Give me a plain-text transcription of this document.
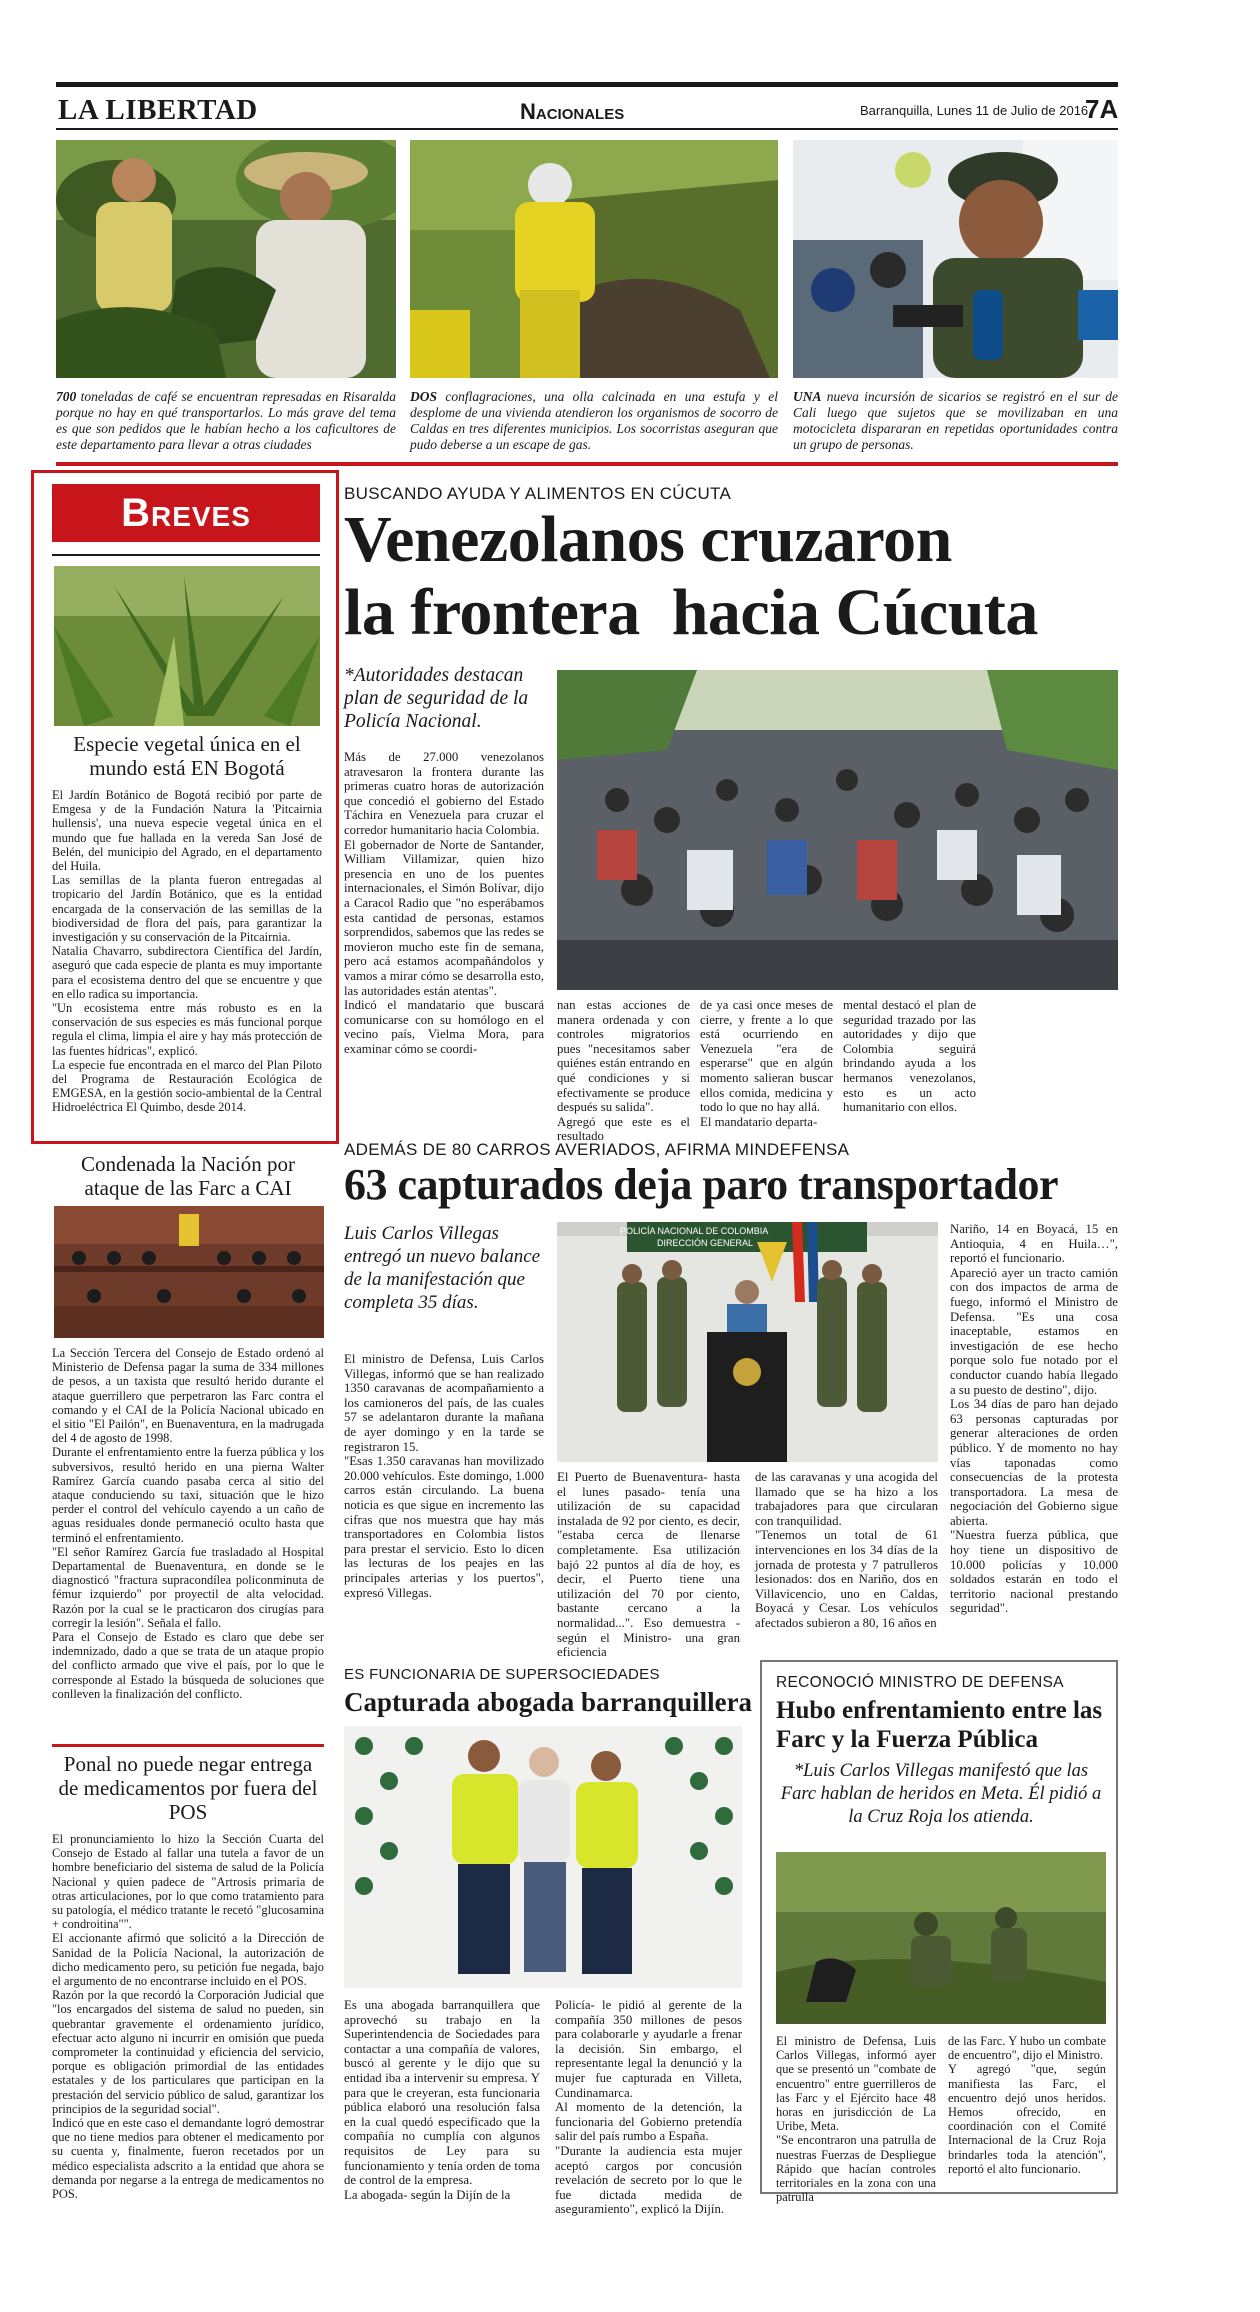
LA LIBERTAD	Nacionales	Barranquilla, Lunes 11 de Julio de 2016
7A
700 toneladas de café se encuentran represadas en Risaralda porque no hay en qué transportarlos. Lo más grave del tema es que son pedidos que le habían hecho a los caficultores de este departamento para llevar a otras ciudades
DOS conflagraciones, una olla calcinada en una estufa y el desplome de una vivienda atendieron los organismos de socorro de Caldas en tres diferentes municipios. Los socorristas aseguran que pudo deberse a un escape de gas.
UNA nueva incursión de sicarios se registró en el sur de Cali luego que sujetos que se movilizaban en una motocicleta dispararan en repetidas oportunidades contra un grupo de personas.
Breves
Especie vegetal única en el mundo está EN Bogotá
El Jardín Botánico de Bogotá recibió por parte de Emgesa y de la Fundación Natura la 'Pitcairnia hullensis', una nueva especie vegetal única en el mundo que fue hallada en la vereda San José de Belén, del municipio del Agrado, en el departamento del Huila.
Las semillas de la planta fueron entregadas al tropicario del Jardín Botánico, que es la entidad encargada de la conservación de las semillas de la biodiversidad de flora del país, para garantizar la investigación y su conservación de la Pitcairnia.
Natalia Chavarro, subdirectora Científica del Jardín, aseguró que cada especie de planta es muy importante para el ecosistema dentro del que se encuentre y que en ello radica su importancia.
"Un ecosistema entre más robusto es en la conservación de sus especies es más funcional porque regula el clima, limpia el aire y hay más protección de las fuentes hídricas", explicó.
La especie fue encontrada en el marco del Plan Piloto del Programa de Restauración Ecológica de EMGESA, en la gestión socio-ambiental de la Central Hidroeléctrica El Quimbo, desde 2014.
Condenada la Nación por ataque de las Farc a CAI
La Sección Tercera del Consejo de Estado ordenó al Ministerio de Defensa pagar la suma de 334 millones de pesos, a un taxista que resultó herido durante el ataque guerrillero que perpetraron las Farc contra el comando y el CAI de la Policía Nacional ubicado en el sitio "El Pailón", en Buenaventura, en la madrugada del 4 de agosto de 1998.
Durante el enfrentamiento entre la fuerza pública y los subversivos, resultó herido en una pierna Walter Ramírez García cuando pasaba cerca al sitio del ataque conduciendo su taxi, situación que le hizo perder el control del vehículo cayendo a un caño de aguas residuales donde permaneció oculto hasta que terminó el enfrentamiento.
"El señor Ramírez García fue trasladado al Hospital Departamental de Buenaventura, en donde se le diagnosticó "fractura supracondílea policonminuta de fémur izquierdo" por proyectil de alta velocidad. Razón por la cual se le practicaron dos cirugías para corregir la lesión". Señala el fallo.
Para el Consejo de Estado es claro que debe ser indemnizado, dado a que se trata de un ataque propio del conflicto armado que vive el país, por lo que le corresponde al Estado la búsqueda de soluciones que conlleven la finalización del conflicto.
Ponal no puede negar entrega de medicamentos por fuera del POS
El pronunciamiento lo hizo la Sección Cuarta del Consejo de Estado al fallar una tutela a favor de un hombre beneficiario del sistema de salud de la Policía Nacional y quien padece de "Artrosis primaria de otras articulaciones, por lo que como tratamiento para su patología, el médico tratante le recetó "glucosamina + condroitina"".
El accionante afirmó que solicitó a la Dirección de Sanidad de la Policía Nacional, la autorización de dicho medicamento pero, su petición fue negada, bajo el argumento de no encontrarse incluido en el POS.
Razón por la que recordó la Corporación Judicial que "los encargados del sistema de salud no pueden, sin quebrantar gravemente el ordenamiento jurídico, efectuar acto alguno ni incurrir en omisión que pueda comprometer la continuidad y eficiencia del servicio, porque es obligación primordial de las entidades estatales y de los particulares que participan en la prestación del servicio público de salud, garantizar los principios de la seguridad social".
Indicó que en este caso el demandante logró demostrar que no tiene medios para obtener el medicamento por su cuenta y, finalmente, fueron recetados por un médico especialista adscrito a la entidad que ahora se demanda por negarse a la entrega de medicamentos no POS.
BUSCANDO AYUDA Y ALIMENTOS EN CÚCUTA
Venezolanos cruzaron
la frontera  hacia Cúcuta
*Autoridades destacan plan de seguridad de la Policía Nacional.
Más de 27.000 venezolanos atravesaron la frontera durante las primeras cuatro horas de autorización que concedió el gobierno del Estado Táchira en Venezuela para cruzar el corredor humanitario hacia Colombia.
El gobernador de Norte de Santander, William Villamizar, quien hizo presencia en uno de los puentes internacionales, el Simón Bolívar, dijo a Caracol Radio que "no esperábamos esta cantidad de personas, estamos sorprendidos, sabemos que las redes se movieron mucho este fin de semana, pero acá estamos acompañándolos y vamos a mirar cómo se desarrolla esto, las autoridades están atentas".
Indicó el mandatario que buscará comunicarse con su homólogo en el vecino país, Vielma Mora, para examinar cómo se coordi-
nan estas acciones de manera ordenada y con controles migratorios pues "necesitamos saber quiénes están entrando en qué condiciones y si efectivamente se produce después su salida".
Agregó que este es el resultado
de ya casi once meses de cierre, y frente a lo que está ocurriendo en Venezuela "era de esperarse" que en algún momento salieran buscar ellos comida, medicina y todo lo que no hay allá.
El mandatario departa-
mental destacó el plan de seguridad trazado por las autoridades y dijo que Colombia seguirá brindando ayuda a los hermanos venezolanos, esto es un acto humanitario con ellos.
ADEMÁS DE 80 CARROS AVERIADOS, AFIRMA MINDEFENSA
63 capturados deja paro transportador
Luis Carlos Villegas entregó un nuevo balance de la manifestación que completa 35 días.
El ministro de Defensa, Luis Carlos Villegas, informó que se han realizado 1350 caravanas de acompañamiento a los camioneros del país, de las cuales 57 se adelantaron durante la mañana de ayer domingo y en la tarde se registraron 15.
"Esas 1.350 caravanas han movilizado 20.000 vehículos. Este domingo, 1.000 carros están circulando. La buena noticia es que sigue en incremento las cifras que nos muestra que hay más transportadores en Colombia listos para prestar el servicio. Esto lo dicen las lecturas de los peajes en las principales arterias y los puertos", expresó Villegas.
POLICÍA NACIONAL DE COLOMBIA
DIRECCIÓN GENERAL
El Puerto de Buenaventura- hasta el lunes pasado- tenía una utilización de su capacidad instalada de 92 por ciento, es decir, "estaba cerca de llenarse completamente. Esa utilización bajó 22 puntos al día de hoy, es decir, el Puerto tiene una utilización del 70 por ciento, bastante cercano a la normalidad...". Eso demuestra -según el Ministro- una gran eficiencia
de las caravanas y una acogida del llamado que se ha hizo a los trabajadores para que circularan con tranquilidad.
"Tenemos un total de 61 intervenciones en los 34 días de la jornada de protesta y 7 patrulleros lesionados: dos en Nariño, dos en Villavicencio, uno en Caldas, Boyacá y Cesar. Los vehículos afectados subieron a 80, 16 años en
Nariño, 14 en Boyacá, 15 en Antioquia, 4 en Huila…", reportó el funcionario.
Apareció ayer un tracto camión con dos impactos de arma de fuego, informó el Ministro de Defensa. "Es una cosa inaceptable, estamos en investigación de ese hecho porque solo fue notado por el conductor cuando había llegado a su puesto de destino", dijo.
Los 34 días de paro han dejado 63 personas capturadas por generar alteraciones de orden público. Y de momento no hay vías taponadas como consecuencias de la protesta transportadora. La mesa de negociación del Gobierno sigue abierta.
"Nuestra fuerza pública, que hoy tiene un dispositivo de 10.000 policías y 10.000 soldados estarán en todo el territorio nacional prestando seguridad".
ES FUNCIONARIA DE SUPERSOCIEDADES
Capturada abogada barranquillera
Es una abogada barranquillera que aprovechó su trabajo en la Superintendencia de Sociedades para contactar a una compañía de valores, buscó al gerente y le dijo que su entidad iba a intervenir su empresa. Y para que le creyeran, esta funcionaria pública elaboró una resolución falsa en la cual quedó especificado que la compañía no cumplía con algunos requisitos de Ley para su funcionamiento y tenía orden de toma de control de la empresa.
La abogada- según la Dijín de la
Policía- le pidió al gerente de la compañía 350 millones de pesos para colaborarle y ayudarle a frenar la decisión. Sin embargo, el representante legal la denunció y la mujer fue capturada en Villeta, Cundinamarca.
Al momento de la detención, la funcionaria del Gobierno pretendía salir del país rumbo a España.
"Durante la audiencia esta mujer aceptó cargos por concusión revelación de secreto por lo que le fue dictada medida de aseguramiento", explicó la Dijín.
RECONOCIÓ MINISTRO DE DEFENSA
Hubo enfrentamiento entre las Farc y la Fuerza Pública
*Luis Carlos Villegas manifestó que las Farc hablan de heridos en Meta. Él pidió a la Cruz Roja los atienda.
El ministro de Defensa, Luis Carlos Villegas, informó ayer que se presentó un "combate de encuentro" entre guerrilleros de las Farc y el Ejército hace 48 horas en jurisdicción de La Uribe, Meta.
"Se encontraron una patrulla de nuestras Fuerzas de Despliegue Rápido que hacían controles territoriales en la zona con una patrulla
de las Farc. Y hubo un combate de encuentro", dijo el Ministro.
Y agregó "que, según manifiesta las Farc, el encuentro dejó unos heridos. Hemos ofrecido, en coordinación con el Comité Internacional de la Cruz Roja brindarles toda la atención", reportó el alto funcionario.
